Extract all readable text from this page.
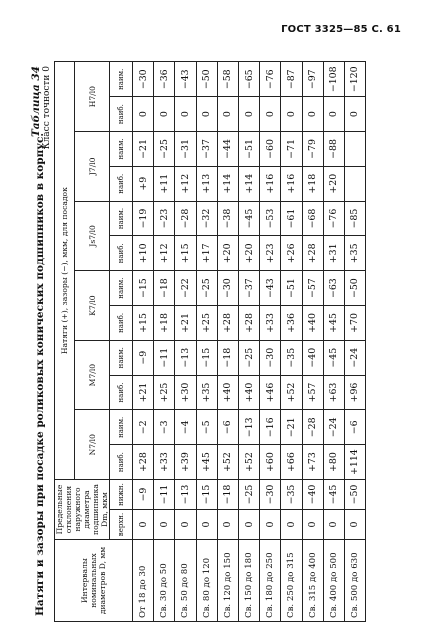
ГОСТ 3325—85 С. 61
Натяги и зазоры при посадке роликовых конических подшипников в корпус.
Таблица 34 Класс точности 0
Интервалы номинальных диаметров D, мм	Предельные отклонения наружного диаметра подшипника Dm, мкм		Натяги (+), зазоры (−), мкм, для посадок											
			N7/l0		M7/l0		K7/l0		Js7/l0		J7/l0		H7/l0	
	верхн.	нижн.	наиб.	наим.	наиб.	наим.	наиб.	наим.	наиб.	наим.	наиб.	наим.	наиб.	наим.
От 18 до 30	0	−9	+28	−2	+21	−9	+15	−15	+10	−19	+9	−21	0	−30
Св. 30 до 50	0	−11	+33	−3	+25	−11	+18	−18	+12	−23	+11	−25	0	−36
Св. 50 до 80	0	−13	+39	−4	+30	−13	+21	−22	+15	−28	+12	−31	0	−43
Св. 80 до 120	0	−15	+45	−5	+35	−15	+25	−25	+17	−32	+13	−37	0	−50
Св. 120 до 150	0	−18	+52	−6	+40	−18	+28	−30	+20	−38	+14	−44	0	−58
Св. 150 до 180	0	−25	+52	−13	+40	−25	+28	−37	+20	−45	+14	−51	0	−65
Св. 180 до 250	0	−30	+60	−16	+46	−30	+33	−43	+23	−53	+16	−60	0	−76
Св. 250 до 315	0	−35	+66	−21	+52	−35	+36	−51	+26	−61	+16	−71	0	−87
Св. 315 до 400	0	−40	+73	−28	+57	−40	+40	−57	+28	−68	+18	−79	0	−97
Св. 400 до 500	0	−45	+80	−24	+63	−45	+45	−63	+31	−76	+20	−88	0	−108
Св. 500 до 630	0	−50	+114	−6	+96	−24	+70	−50	+35	−85			0	−120
